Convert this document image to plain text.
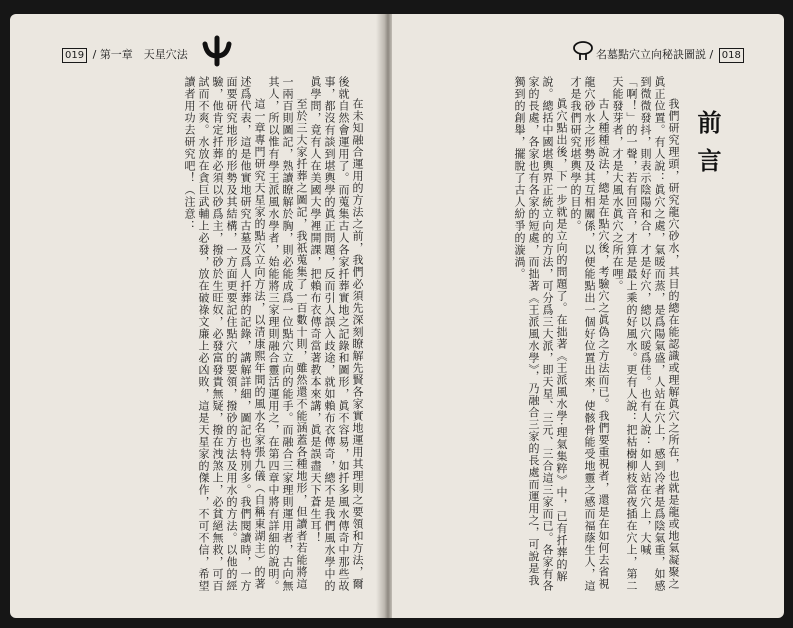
019 / 第一章　天星穴法

在未知融合運用的方法之前，我們必須先深刻瞭解先賢各家實地運用其理則之要領和方法，爾後就自然會運用了。而蒐集古人各家扦葬實地之記錄和圖形，眞不容易，如扦多風水傳奇中那些故事，都沒有談到堪輿學的眞正問題，反而引人誤入歧途，就如賴布衣傳奇，總不是我們風水學中的眞學問，竟有人在美國大學裡開課，把賴布衣傳奇當著教本來講，眞是誤盡天下蒼生耳！

至於三大家扦葬之圖記，我祇蒐集了一百數十則，雖然還不能涵蓋各種地形，但讀者若能將這一兩百則圖記，熟讀瞭解於胸，則必能成爲一位點穴立向的能手。而融合三家理則運用者，古向無其人，所以惟有學王派風水學者，始能將三家理則融合靈活運用之，在第四章中將有詳細的說明。

這一章專門研究天星家的點穴立向方法，以清康熙年間的風水名家張九儀（自稱東湖主）的著述爲代表，這是他實地研究古墓及爲人扦葬的記錄，講解詳細，圖記也特別多。我們閱讀時，一方面要研究地形的形勢及其結構，一方面更要記住點穴的要領，撥砂的方法及用水的方法。以他的經驗，他肯定扦葬必須以砂爲主，撥砂於生旺奴，必發富發貴無疑，撥在洩煞上，必貧絕無救，可百試而不爽。水放在貪巨武輔上必發，放在破祿文廉上必凶敗，這是天星家的傑作，不可不信，希望讀者用功去研究吧！（注意：

名墓點穴立向秘訣圖説 / 018

我們研究理頭，研究龍穴砂水，其目的總在能認識或理解眞穴之所在，也就是龍或地氣凝聚之眞正位置。有人說：眞穴之處，氣暖而蒸，是爲陽氣盛，人站在穴上，感到冷者是爲陰氣重，如感到微微發抖，則表示陰陽和合，才是好穴，總以穴暖爲佳。也有人說：如人站在穴上，大喊「啊！」的一聲，若有回音，才算是最上乘的好風水。更有人說：把枯樹柳枝當夜插在穴上，第二天能發芽者，才是大風水眞穴之所在哩。

古人種種說法，總是在點穴後，考驗穴之眞偽之方法而已。我們要重視者，還是在如何去省視龍穴砂水之形勢及其互相關係，以便能點出一個好位置出來，使骸骨能受地靈之感而福蔭生人，這才是我們研究堪輿學的目的。

眞穴點出後，下一步就是立向的問題了。在拙著《王派風水學·理氣集粹》中，已有扦葬的解說。總括中國堪輿界正統立向的方法，可分爲三大派，即天星、三元、三合這三家而已。各家有各家的長處，各家也有各家的短處，而拙著《王派風水學》，乃融合三家的長處而運用之，可說是我獨到的創舉，擺脫了古人紛爭的漩渦。	前言
